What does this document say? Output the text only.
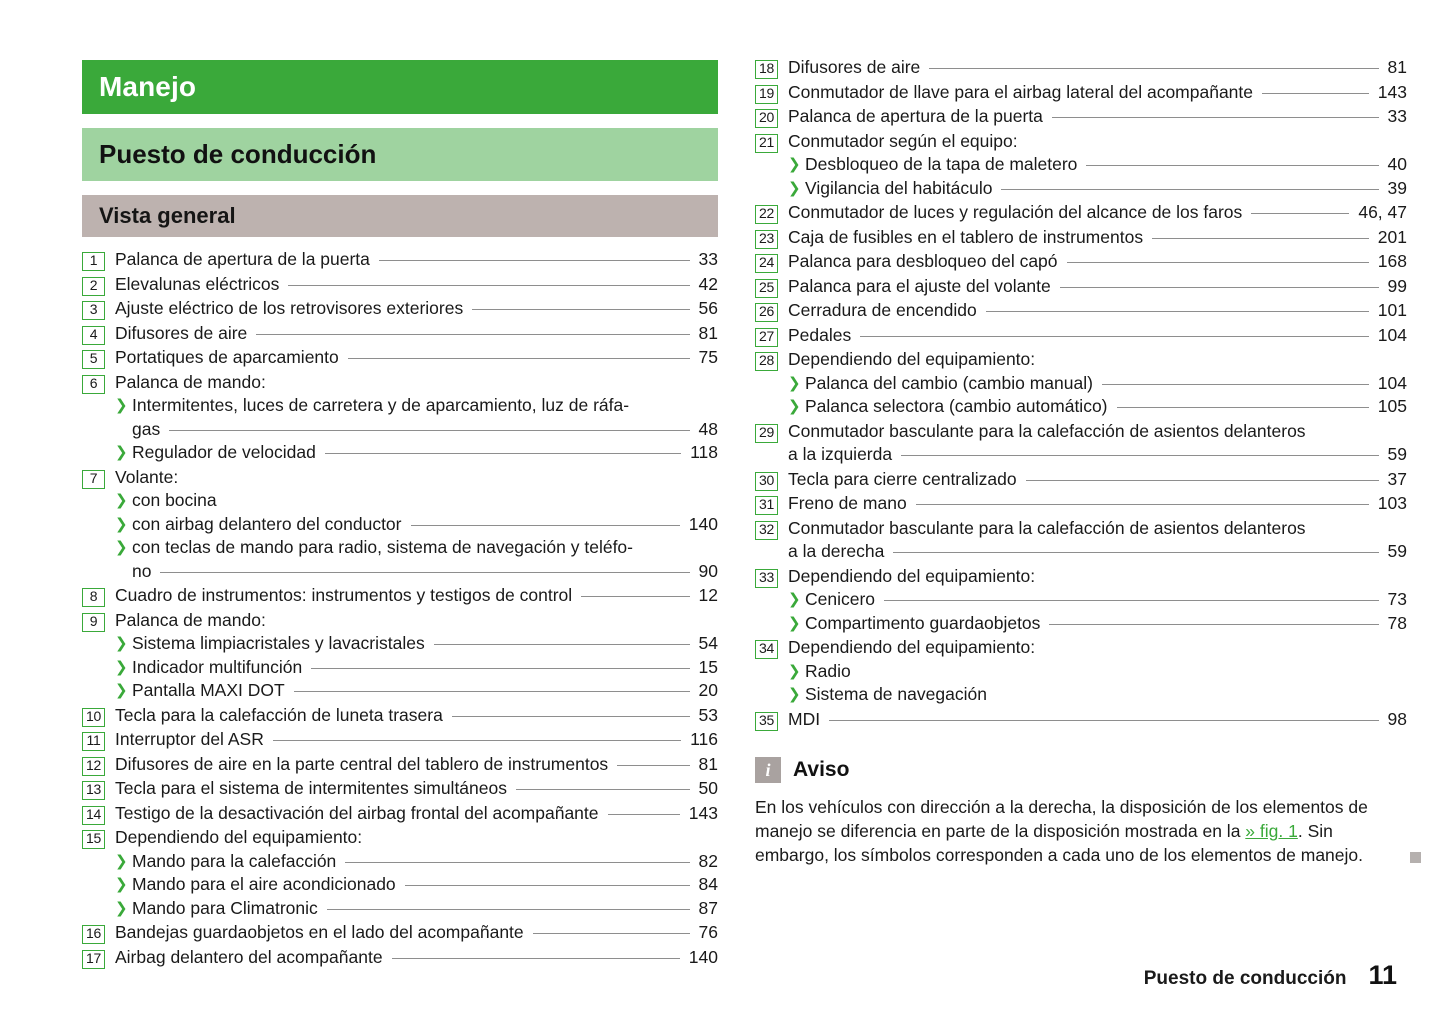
Manejo
Puesto de conducción
Vista general
1	Palanca de apertura de la puerta	33
2	Elevalunas eléctricos	42
3	Ajuste eléctrico de los retrovisores exteriores	56
4	Difusores de aire	81
5	Portatiques de aparcamiento	75
6	Palanca de mando:
❯ Intermitentes, luces de carretera y de aparcamiento, luz de ráfa-
gas	48
❯ Regulador de velocidad	118
7	Volante:
❯ con bocina
❯ con airbag delantero del conductor	140
❯ con teclas de mando para radio, sistema de navegación y teléfo-
no	90
8	Cuadro de instrumentos: instrumentos y testigos de control	12
9	Palanca de mando:
❯ Sistema limpiacristales y lavacristales	54
❯ Indicador multifunción	15
❯ Pantalla MAXI DOT	20
10 Tecla para la calefacción de luneta trasera	53
11 Interruptor del ASR	116
12 Difusores de aire en la parte central del tablero de instrumentos	81
13 Tecla para el sistema de intermitentes simultáneos	50
14 Testigo de la desactivación del airbag frontal del acompañante	143
15 Dependiendo del equipamiento:
❯ Mando para la calefacción	82
❯ Mando para el aire acondicionado	84
❯ Mando para Climatronic	87
16 Bandejas guardaobjetos en el lado del acompañante	76
17 Airbag delantero del acompañante	140
18 Difusores de aire	81
19 Conmutador de llave para el airbag lateral del acompañante	143
20 Palanca de apertura de la puerta	33
21 Conmutador según el equipo:
❯ Desbloqueo de la tapa de maletero	40
❯ Vigilancia del habitáculo	39
22 Conmutador de luces y regulación del alcance de los faros	46, 47
23 Caja de fusibles en el tablero de instrumentos	201
24 Palanca para desbloqueo del capó	168
25 Palanca para el ajuste del volante	99
26 Cerradura de encendido	101
27 Pedales	104
28 Dependiendo del equipamiento:
❯ Palanca del cambio (cambio manual)	104
❯ Palanca selectora (cambio automático)	105
29 Conmutador basculante para la calefacción de asientos delanteros
a la izquierda	59
30 Tecla para cierre centralizado	37
31 Freno de mano	103
32 Conmutador basculante para la calefacción de asientos delanteros
a la derecha	59
33 Dependiendo del equipamiento:
❯ Cenicero	73
❯ Compartimento guardaobjetos	78
34 Dependiendo del equipamiento:
❯ Radio
❯ Sistema de navegación
35 MDI	98
i	Aviso
En los vehículos con dirección a la derecha, la disposición de los elementos de manejo se diferencia en parte de la disposición mostrada en la » fig. 1. Sin embargo, los símbolos corresponden a cada uno de los elementos de manejo.
Puesto de conducción 11
